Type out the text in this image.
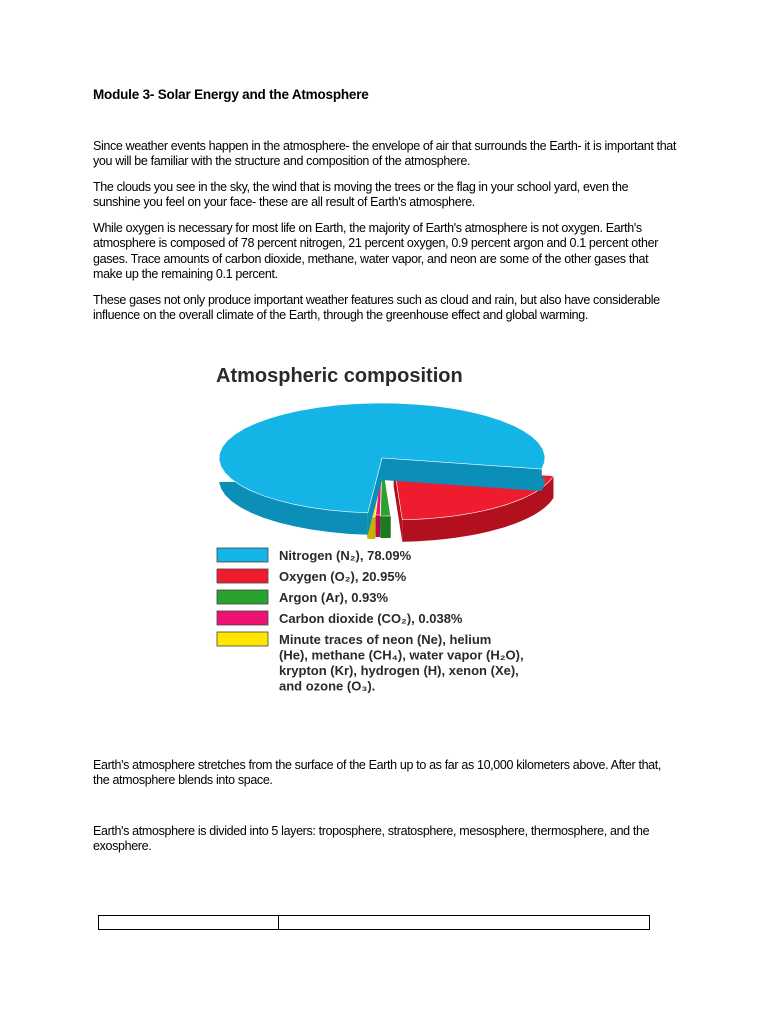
Module 3- Solar Energy and the Atmosphere

Since weather events happen in the atmosphere- the envelope of air that surrounds the Earth- it is important that you will be familiar with the structure and composition of the atmosphere.

The clouds you see in the sky, the wind that is moving the trees or the flag in your school yard, even the sunshine you feel on your face- these are all result of Earth's atmosphere.

While oxygen is necessary for most life on Earth, the majority of Earth's atmosphere is not oxygen. Earth's atmosphere is composed of 78 percent nitrogen, 21 percent oxygen, 0.9 percent argon and 0.1 percent other gases. Trace amounts of carbon dioxide, methane, water vapor, and neon are some of the other gases that make up the remaining 0.1 percent.

These gases not only produce important weather features such as cloud and rain, but also have considerable influence on the overall climate of the Earth, through the greenhouse effect and global warming.

Atmospheric composition
Nitrogen (N₂), 78.09%
Oxygen (O₂), 20.95%
Argon (Ar), 0.93%
Carbon dioxide (CO₂), 0.038%
Minute traces of neon (Ne), helium
(He), methane (CH₄), water vapor (H₂O),
krypton (Kr), hydrogen (H), xenon (Xe),
and ozone (O₃).

Earth's atmosphere stretches from the surface of the Earth up to as far as 10,000 kilometers above. After that, the atmosphere blends into space.

Earth's atmosphere is divided into 5 layers: troposphere, stratosphere, mesosphere, thermosphere, and the exosphere.
